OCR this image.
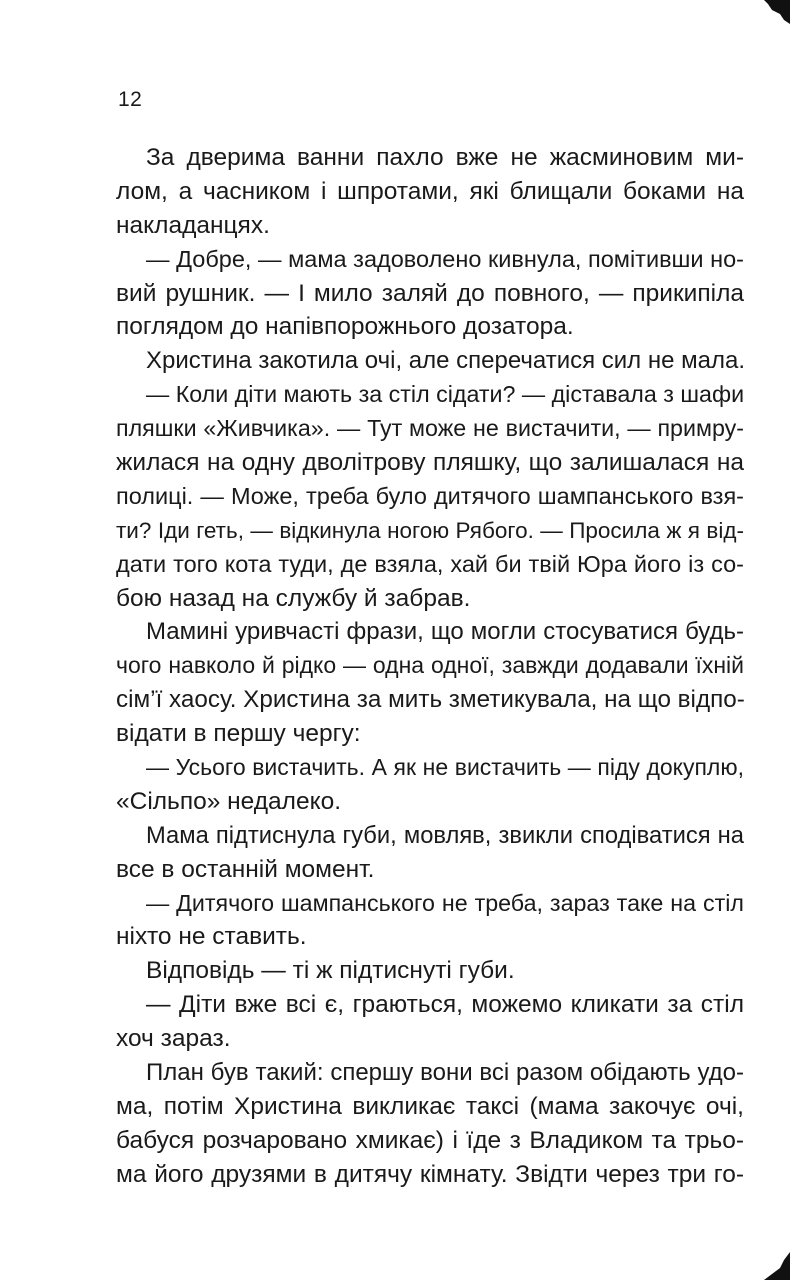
12
За дверима ванни пахло вже не жасминовим ми-
лом, а часником і шпротами, які блищали боками на
накладанцях.
— Добре, — мама задоволено кивнула, помітивши но-
вий рушник. — І мило заляй до повного, — прикипіла
поглядом до напівпорожнього дозатора.
Христина закотила очі, але сперечатися сил не мала.
— Коли діти мають за стіл сідати? — діставала з шафи
пляшки «Живчика». — Тут може не вистачити, — примру-
жилася на одну дволітрову пляшку, що залишалася на
полиці. — Може, треба було дитячого шампанського взя-
ти? Іди геть, — відкинула ногою Рябого. — Просила ж я від-
дати того кота туди, де взяла, хай би твій Юра його із со-
бою назад на службу й забрав.
Мамині уривчасті фрази, що могли стосуватися будь-
чого навколо й рідко — одна одної, завжди додавали їхній
сім’ї хаосу. Христина за мить зметикувала, на що відпо-
відати в першу чергу:
— Усього вистачить. А як не вистачить — піду докуплю,
«Сільпо» недалеко.
Мама підтиснула губи, мовляв, звикли сподіватися на
все в останній момент.
— Дитячого шампанського не треба, зараз таке на стіл
ніхто не ставить.
Відповідь — ті ж підтиснуті губи.
— Діти вже всі є, граються, можемо кликати за стіл
хоч зараз.
План був такий: спершу вони всі разом обідають удо-
ма, потім Христина викликає таксі (мама закочує очі,
бабуся розчаровано хмикає) і їде з Владиком та трьо-
ма його друзями в дитячу кімнату. Звідти через три го-
